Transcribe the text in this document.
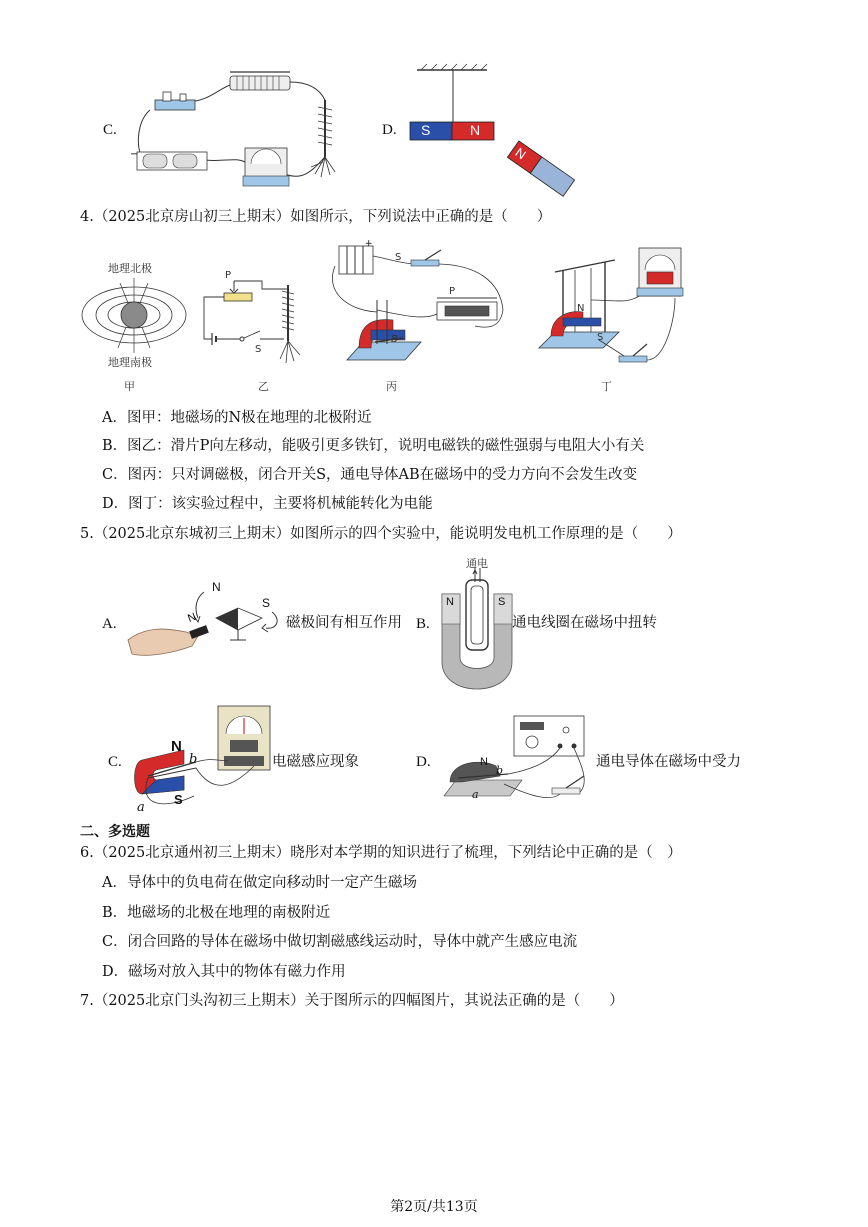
C.
−
D. S	N
N
4.（2025北京房山初三上期末）如图所示，下列说法中正确的是（　　）
地理北极
地理南极
P
S
+
S
P
B
N
S
甲	乙	丙	丁
A．图甲：地磁场的N极在地理的北极附近
B．图乙：滑片P向左移动，能吸引更多铁钉，说明电磁铁的磁性强弱与电阻大小有关
C．图丙：只对调磁极，闭合开关S，通电导体AB在磁场中的受力方向不会发生改变
D．图丁：该实验过程中，主要将机械能转化为电能
5.（2025北京东城初三上期末）如图所示的四个实验中，能说明发电机工作原理的是（　　）
A.
N
N
S
磁极间有相互作用 B.
通电
N	S
通电线圈在磁场中扭转
C.
N
b
a
S
电磁感应现象	D.	N
b
a
通电导体在磁场中受力
二、多选题
6.（2025北京通州初三上期末）晓彤对本学期的知识进行了梳理，下列结论中正确的是（　）
A．导体中的负电荷在做定向移动时一定产生磁场
B．地磁场的北极在地理的南极附近
C．闭合回路的导体在磁场中做切割磁感线运动时，导体中就产生感应电流
D．磁场对放入其中的物体有磁力作用
7.（2025北京门头沟初三上期末）关于图所示的四幅图片，其说法正确的是（　　）
第2页/共13页
